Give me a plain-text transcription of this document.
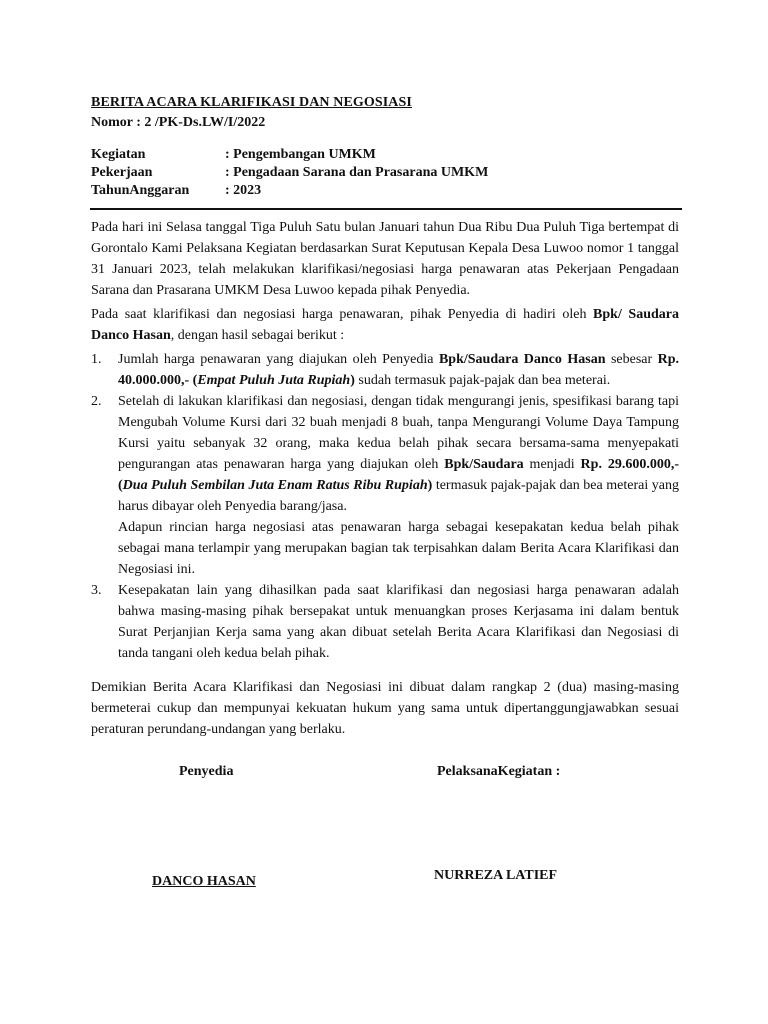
BERITA ACARA KLARIFIKASI DAN NEGOSIASI
Nomor : 2 /PK-Ds.LW/I/2022
Kegiatan	: Pengembangan UMKM
Pekerjaan	: Pengadaan Sarana dan Prasarana UMKM
TahunAnggaran	: 2023
Pada hari ini Selasa tanggal Tiga Puluh Satu bulan Januari tahun Dua Ribu Dua Puluh Tiga bertempat di Gorontalo Kami Pelaksana Kegiatan berdasarkan Surat Keputusan Kepala Desa Luwoo nomor 1 tanggal 31 Januari 2023, telah melakukan klarifikasi/negosiasi harga penawaran atas Pekerjaan Pengadaan Sarana dan Prasarana UMKM Desa Luwoo kepada pihak Penyedia.
Pada saat klarifikasi dan negosiasi harga penawaran, pihak Penyedia di hadiri oleh Bpk/ Saudara Danco Hasan, dengan hasil sebagai berikut :
1.	Jumlah harga penawaran yang diajukan oleh Penyedia Bpk/Saudara Danco Hasan sebesar Rp. 40.000.000,- (Empat Puluh Juta Rupiah) sudah termasuk pajak-pajak dan bea meterai.
2.	Setelah di lakukan klarifikasi dan negosiasi, dengan tidak mengurangi jenis, spesifikasi barang tapi Mengubah Volume Kursi dari 32 buah menjadi 8 buah, tanpa Mengurangi Volume Daya Tampung Kursi yaitu sebanyak 32 orang, maka kedua belah pihak secara bersama-sama menyepakati pengurangan atas penawaran harga yang diajukan oleh Bpk/Saudara menjadi Rp. 29.600.000,- (Dua Puluh Sembilan Juta Enam Ratus Ribu Rupiah) termasuk pajak-pajak dan bea meterai yang harus dibayar oleh Penyedia barang/jasa.
Adapun rincian harga negosiasi atas penawaran harga sebagai kesepakatan kedua belah pihak sebagai mana terlampir yang merupakan bagian tak terpisahkan dalam Berita Acara Klarifikasi dan Negosiasi ini.
3.	Kesepakatan lain yang dihasilkan pada saat klarifikasi dan negosiasi harga penawaran adalah bahwa masing-masing pihak bersepakat untuk menuangkan proses Kerjasama ini dalam bentuk Surat Perjanjian Kerja sama yang akan dibuat setelah Berita Acara Klarifikasi dan Negosiasi di tanda tangani oleh kedua belah pihak.
Demikian Berita Acara Klarifikasi dan Negosiasi ini dibuat dalam rangkap 2 (dua) masing-masing bermeterai cukup dan mempunyai kekuatan hukum yang sama untuk dipertanggungjawabkan sesuai peraturan perundang-undangan yang berlaku.
Penyedia	PelaksanaKegiatan :
DANCO HASAN	NURREZA LATIEF
